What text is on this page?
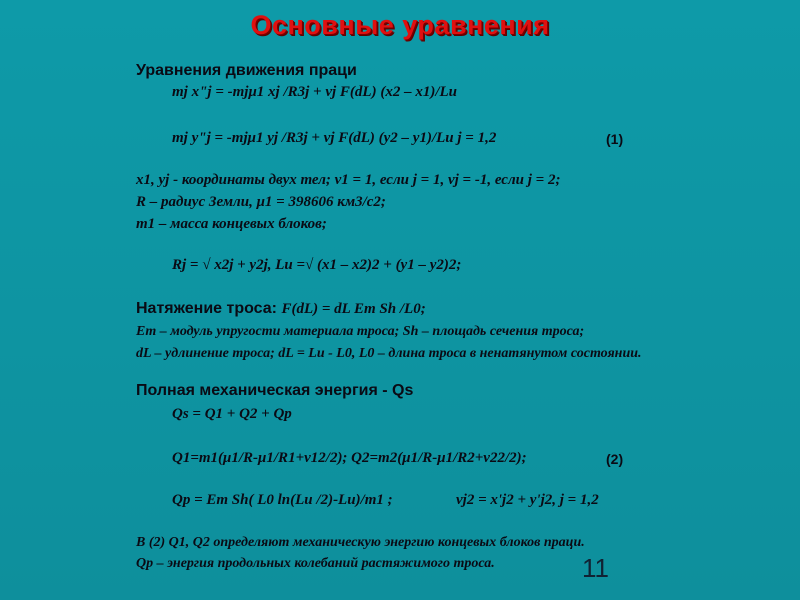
Основные уравнения
Уравнения движения праци
mj x"j = -mjμ1 xj /R3j + νj F(dL) (x2 – x1)/Lu
mj y"j = -mjμ1 yj /R3j + νj F(dL) (y2 – y1)/Lu j = 1,2	(1)
x1, yj - координаты двух тел; ν1 = 1, если j = 1, νj = -1, если j = 2;
R – радиус Земли, μ1 = 398606 км3/с2;
m1 – масса концевых блоков;
Rj = √ x2j + y2j, Lu =√ (x1 – x2)2 + (y1 – y2)2;
Натяжение троса: F(dL) = dL Em Sh /L0;
Em – модуль упругости материала троса; Sh – площадь сечения троса;
dL – удлинение троса; dL = Lu - L0, L0 – длина троса в ненатянутом состоянии.
Полная механическая энергия - Qs
Qs = Q1 + Q2 + Qp
Q1=m1(μ1/R-μ1/R1+ν12/2); Q2=m2(μ1/R-μ1/R2+ν22/2);	(2)
Qp = Em Sh( L0 ln(Lu /2)-Lu)/m1 ;	νj2 = x'j2 + y'j2, j = 1,2
В (2) Q1, Q2 определяют механическую энергию концевых блоков праци.
Qp – энергия продольных колебаний растяжимого троса.	11
